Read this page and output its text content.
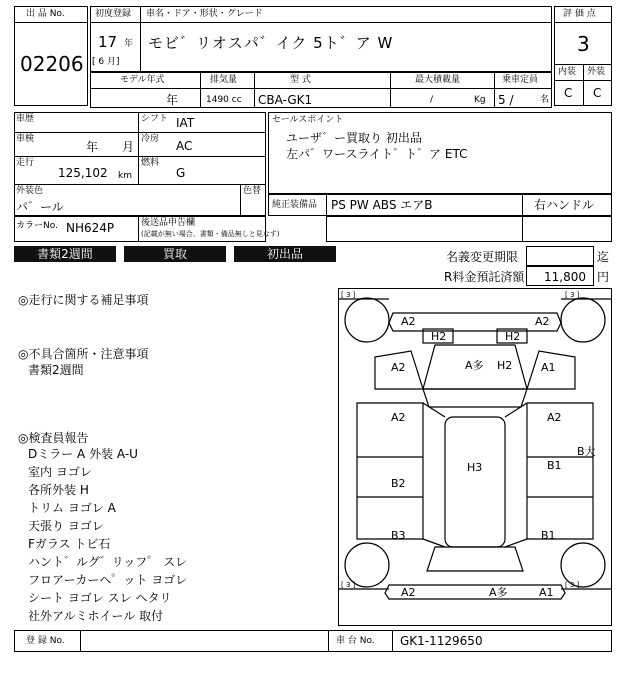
出 品 No.
02206
初度登録 車名・ドア・形状・グレード
17 年
[ 6 月]
モビ゛リオスパ゛イク 5ト゛ア W
評 価 点
3
内装 外装
C C
モデル年式	排気量	型 式	最大積載量	乗車定員
年	1490 cc CBA-GK1	/	Kg 5 /	名
車歴	シフト IAT
車検
年 月
冷房 AC
走行
125,102 km
燃料
G
外装色
パ゛ール
色替
カラーNo. NH624P	後送品申告欄
(記載が無い場合、書類・備品無しと見なす)
セールスポイント
ユーザ゛ー買取り 初出品
左パ゛ワースライト゛ト゛ア ETC
純正装備品 PS PW ABS エアB	右ハンドル
書類2週間	買取	初出品	名義変更期限	迄
R料金預託済額 11,800 円
◎走行に関する補足事項
◎不具合箇所・注意事項
書類2週間
◎検査員報告
Dミラー A 外装 A-U
室内 ヨゴレ
各所外装 H
トリム ヨゴレ A
天張り ヨゴレ
Fガラス トビ石
ハント゛ルグ゛リッフ゜ スレ
フロアーカーヘ゜ット ヨゴレ
シート ヨゴレ スレ ヘタリ
社外アルミホイール 取付
A2	A2
H2	H2
A2	A多 H2	A1
A2	A2
H3	B1
B大
B2
B3	B1
A2	A多	A1
[ 3 ]	[ 3 ]
[ 3 ]	[ 3 ]
登 録 No.	車 台 No. GK1-1129650
